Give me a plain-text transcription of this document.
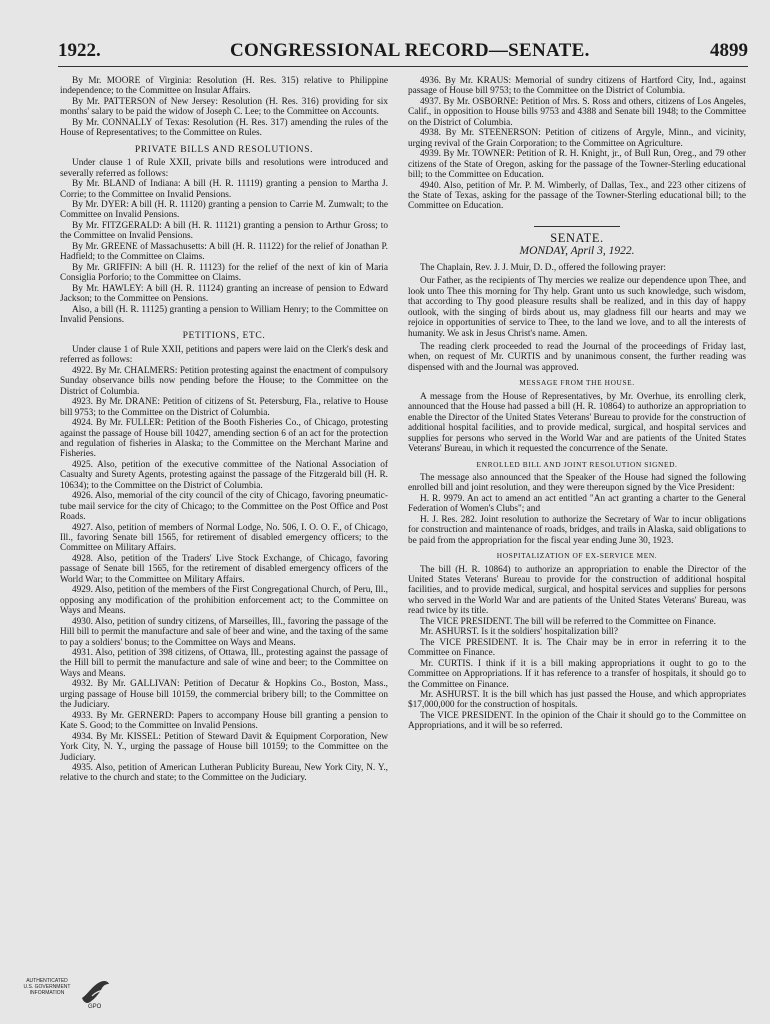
1922.	CONGRESSIONAL RECORD—SENATE.	4899

By Mr. MOORE of Virginia: Resolution (H. Res. 315) relative to Philippine independence; to the Committee on Insular Affairs.

By Mr. PATTERSON of New Jersey: Resolution (H. Res. 316) providing for six months' salary to be paid the widow of Joseph C. Lee; to the Committee on Accounts.

By Mr. CONNALLY of Texas: Resolution (H. Res. 317) amending the rules of the House of Representatives; to the Committee on Rules.

PRIVATE BILLS AND RESOLUTIONS.

Under clause 1 of Rule XXII, private bills and resolutions were introduced and severally referred as follows:

By Mr. BLAND of Indiana: A bill (H. R. 11119) granting a pension to Martha J. Corrie; to the Committee on Invalid Pensions.

By Mr. DYER: A bill (H. R. 11120) granting a pension to Carrie M. Zumwalt; to the Committee on Invalid Pensions.

By Mr. FITZGERALD: A bill (H. R. 11121) granting a pension to Arthur Gross; to the Committee on Invalid Pensions.

By Mr. GREENE of Massachusetts: A bill (H. R. 11122) for the relief of Jonathan P. Hadfield; to the Committee on Claims.

By Mr. GRIFFIN: A bill (H. R. 11123) for the relief of the next of kin of Maria Consiglia Porforio; to the Committee on Claims.

By Mr. HAWLEY: A bill (H. R. 11124) granting an increase of pension to Edward Jackson; to the Committee on Pensions.

Also, a bill (H. R. 11125) granting a pension to William Henry; to the Committee on Invalid Pensions.

PETITIONS, ETC.

Under clause 1 of Rule XXII, petitions and papers were laid on the Clerk's desk and referred as follows:

4922. By Mr. CHALMERS: Petition protesting against the enactment of compulsory Sunday observance bills now pending before the House; to the Committee on the District of Columbia.

4923. By Mr. DRANE: Petition of citizens of St. Petersburg, Fla., relative to House bill 9753; to the Committee on the District of Columbia.

4924. By Mr. FULLER: Petition of the Booth Fisheries Co., of Chicago, protesting against the passage of House bill 10427, amending section 6 of an act for the protection and regulation of fisheries in Alaska; to the Committee on the Merchant Marine and Fisheries.

4925. Also, petition of the executive committee of the National Association of Casualty and Surety Agents, protesting against the passage of the Fitzgerald bill (H. R. 10634); to the Committee on the District of Columbia.

4926. Also, memorial of the city council of the city of Chicago, favoring pneumatic-tube mail service for the city of Chicago; to the Committee on the Post Office and Post Roads.

4927. Also, petition of members of Normal Lodge, No. 506, I. O. O. F., of Chicago, Ill., favoring Senate bill 1565, for retirement of disabled emergency officers; to the Committee on Military Affairs.

4928. Also, petition of the Traders' Live Stock Exchange, of Chicago, favoring passage of Senate bill 1565, for the retirement of disabled emergency officers of the World War; to the Committee on Military Affairs.

4929. Also, petition of the members of the First Congregational Church, of Peru, Ill., opposing any modification of the prohibition enforcement act; to the Committee on Ways and Means.

4930. Also, petition of sundry citizens, of Marseilles, Ill., favoring the passage of the Hill bill to permit the manufacture and sale of beer and wine, and the taxing of the same to pay a soldiers' bonus; to the Committee on Ways and Means.

4931. Also, petition of 398 citizens, of Ottawa, Ill., protesting against the passage of the Hill bill to permit the manufacture and sale of wine and beer; to the Committee on Ways and Means.

4932. By Mr. GALLIVAN: Petition of Decatur & Hopkins Co., Boston, Mass., urging passage of House bill 10159, the commercial bribery bill; to the Committee on the Judiciary.

4933. By Mr. GERNERD: Papers to accompany House bill granting a pension to Kate S. Good; to the Committee on Invalid Pensions.

4934. By Mr. KISSEL: Petition of Steward Davit & Equipment Corporation, New York City, N. Y., urging the passage of House bill 10159; to the Committee on the Judiciary.

4935. Also, petition of American Lutheran Publicity Bureau, New York City, N. Y., relative to the church and state; to the Committee on the Judiciary.

4936. By Mr. KRAUS: Memorial of sundry citizens of Hartford City, Ind., against passage of House bill 9753; to the Committee on the District of Columbia.

4937. By Mr. OSBORNE: Petition of Mrs. S. Ross and others, citizens of Los Angeles, Calif., in opposition to House bills 9753 and 4388 and Senate bill 1948; to the Committee on the District of Columbia.

4938. By Mr. STEENERSON: Petition of citizens of Argyle, Minn., and vicinity, urging revival of the Grain Corporation; to the Committee on Agriculture.

4939. By Mr. TOWNER: Petition of R. H. Knight, jr., of Bull Run, Oreg., and 79 other citizens of the State of Oregon, asking for the passage of the Towner-Sterling educational bill; to the Committee on Education.

4940. Also, petition of Mr. P. M. Wimberly, of Dallas, Tex., and 223 other citizens of the State of Texas, asking for the passage of the Towner-Sterling educational bill; to the Committee on Education.

SENATE.
MONDAY, April 3, 1922.

The Chaplain, Rev. J. J. Muir, D. D., offered the following prayer:

Our Father, as the recipients of Thy mercies we realize our dependence upon Thee, and look unto Thee this morning for Thy help. Grant unto us such knowledge, such wisdom, that according to Thy good pleasure results shall be realized, and in this day of happy outlook, with the singing of birds about us, may gladness fill our hearts and may we rejoice in opportunities of service to Thee, to the land we love, and to all the interests of humanity. We ask in Jesus Christ's name. Amen.

The reading clerk proceeded to read the Journal of the proceedings of Friday last, when, on request of Mr. CURTIS and by unanimous consent, the further reading was dispensed with and the Journal was approved.

MESSAGE FROM THE HOUSE.

A message from the House of Representatives, by Mr. Overhue, its enrolling clerk, announced that the House had passed a bill (H. R. 10864) to authorize an appropriation to enable the Director of the United States Veterans' Bureau to provide for the construction of additional hospital facilities, and to provide medical, surgical, and hospital services and supplies for persons who served in the World War and are patients of the United States Veterans' Bureau, in which it requested the concurrence of the Senate.

ENROLLED BILL AND JOINT RESOLUTION SIGNED.

The message also announced that the Speaker of the House had signed the following enrolled bill and joint resolution, and they were thereupon signed by the Vice President:

H. R. 9979. An act to amend an act entitled "An act granting a charter to the General Federation of Women's Clubs"; and

H. J. Res. 282. Joint resolution to authorize the Secretary of War to incur obligations for construction and maintenance of roads, bridges, and trails in Alaska, said obligations to be paid from the appropriation for the fiscal year ending June 30, 1923.

HOSPITALIZATION OF EX-SERVICE MEN.

The bill (H. R. 10864) to authorize an appropriation to enable the Director of the United States Veterans' Bureau to provide for the construction of additional hospital facilities, and to provide medical, surgical, and hospital services and supplies for persons who served in the World War and are patients of the United States Veterans' Bureau, was read twice by its title.

The VICE PRESIDENT. The bill will be referred to the Committee on Finance.

Mr. ASHURST. Is it the soldiers' hospitalization bill?

The VICE PRESIDENT. It is. The Chair may be in error in referring it to the Committee on Finance.

Mr. CURTIS. I think if it is a bill making appropriations it ought to go to the Committee on Appropriations. If it has reference to a transfer of hospitals, it should go to the Committee on Finance.

Mr. ASHURST. It is the bill which has just passed the House, and which appropriates $17,000,000 for the construction of hospitals.

The VICE PRESIDENT. In the opinion of the Chair it should go to the Committee on Appropriations, and it will be so referred.

AUTHENTICATED
U.S. GOVERNMENT
INFORMATION
GPO
